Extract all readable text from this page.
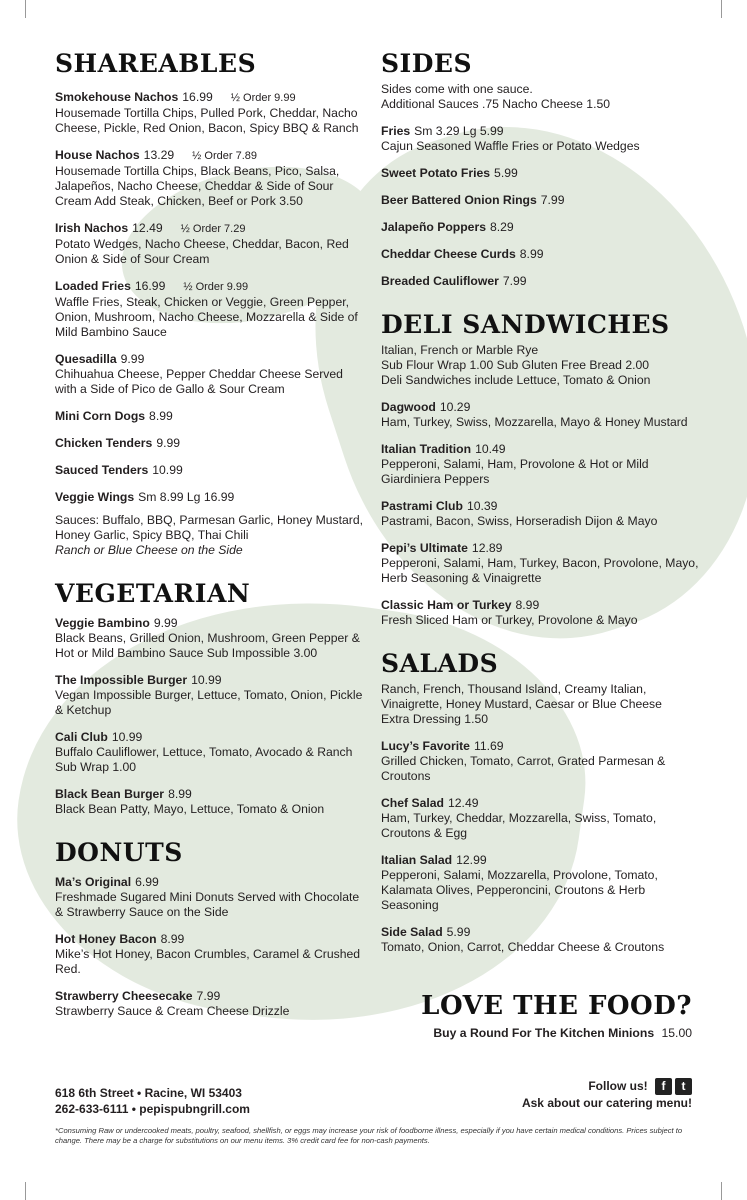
SHAREABLES
Smokehouse Nachos 16.99 ½ Order 9.99
Housemade Tortilla Chips, Pulled Pork, Cheddar, Nacho Cheese, Pickle, Red Onion, Bacon, Spicy BBQ & Ranch
House Nachos 13.29 ½ Order 7.89
Housemade Tortilla Chips, Black Beans, Pico, Salsa, Jalapeños, Nacho Cheese, Cheddar & Side of Sour Cream Add Steak, Chicken, Beef or Pork 3.50
Irish Nachos 12.49 ½ Order 7.29
Potato Wedges, Nacho Cheese, Cheddar, Bacon, Red Onion & Side of Sour Cream
Loaded Fries 16.99 ½ Order 9.99
Waffle Fries, Steak, Chicken or Veggie, Green Pepper, Onion, Mushroom, Nacho Cheese, Mozzarella & Side of Mild Bambino Sauce
Quesadilla 9.99
Chihuahua Cheese, Pepper Cheddar Cheese Served with a Side of Pico de Gallo & Sour Cream
Mini Corn Dogs 8.99
Chicken Tenders 9.99
Sauced Tenders 10.99
Veggie Wings Sm 8.99 Lg 16.99
Sauces: Buffalo, BBQ, Parmesan Garlic, Honey Mustard, Honey Garlic, Spicy BBQ, Thai Chili
Ranch or Blue Cheese on the Side
VEGETARIAN
Veggie Bambino 9.99
Black Beans, Grilled Onion, Mushroom, Green Pepper & Hot or Mild Bambino Sauce Sub Impossible 3.00
The Impossible Burger 10.99
Vegan Impossible Burger, Lettuce, Tomato, Onion, Pickle & Ketchup
Cali Club 10.99
Buffalo Cauliflower, Lettuce, Tomato, Avocado & Ranch Sub Wrap 1.00
Black Bean Burger 8.99
Black Bean Patty, Mayo, Lettuce, Tomato & Onion
DONUTS
Ma’s Original 6.99
Freshmade Sugared Mini Donuts Served with Chocolate & Strawberry Sauce on the Side
Hot Honey Bacon 8.99
Mike’s Hot Honey, Bacon Crumbles, Caramel & Crushed Red.
Strawberry Cheesecake 7.99
Strawberry Sauce & Cream Cheese Drizzle
SIDES
Sides come with one sauce.
Additional Sauces .75 Nacho Cheese 1.50
Fries Sm 3.29 Lg 5.99
Cajun Seasoned Waffle Fries or Potato Wedges
Sweet Potato Fries 5.99
Beer Battered Onion Rings 7.99
Jalapeño Poppers 8.29
Cheddar Cheese Curds 8.99
Breaded Cauliflower 7.99
DELI SANDWICHES
Italian, French or Marble Rye
Sub Flour Wrap 1.00 Sub Gluten Free Bread 2.00
Deli Sandwiches include Lettuce, Tomato & Onion
Dagwood 10.29
Ham, Turkey, Swiss, Mozzarella, Mayo & Honey Mustard
Italian Tradition 10.49
Pepperoni, Salami, Ham, Provolone & Hot or Mild Giardiniera Peppers
Pastrami Club 10.39
Pastrami, Bacon, Swiss, Horseradish Dijon & Mayo
Pepi’s Ultimate 12.89
Pepperoni, Salami, Ham, Turkey, Bacon, Provolone, Mayo, Herb Seasoning & Vinaigrette
Classic Ham or Turkey 8.99
Fresh Sliced Ham or Turkey, Provolone & Mayo
SALADS
Ranch, French, Thousand Island, Creamy Italian, Vinaigrette, Honey Mustard, Caesar or Blue Cheese
Extra Dressing 1.50
Lucy’s Favorite 11.69
Grilled Chicken, Tomato, Carrot, Grated Parmesan & Croutons
Chef Salad 12.49
Ham, Turkey, Cheddar, Mozzarella, Swiss, Tomato, Croutons & Egg
Italian Salad 12.99
Pepperoni, Salami, Mozzarella, Provolone, Tomato, Kalamata Olives, Pepperoncini, Croutons & Herb Seasoning
Side Salad 5.99
Tomato, Onion, Carrot, Cheddar Cheese & Croutons
LOVE THE FOOD?
Buy a Round For The Kitchen Minions 15.00
618 6th Street • Racine, WI 53403
262-633-6111 • pepispubngrill.com
Follow us!	f	t
Ask about our catering menu!
*Consuming Raw or undercooked meats, poultry, seafood, shellfish, or eggs may increase your risk of foodborne illness, especially if you have certain medical conditions. Prices subject to change. There may be a charge for substitutions on our menu items. 3% credit card fee for non-cash payments.
